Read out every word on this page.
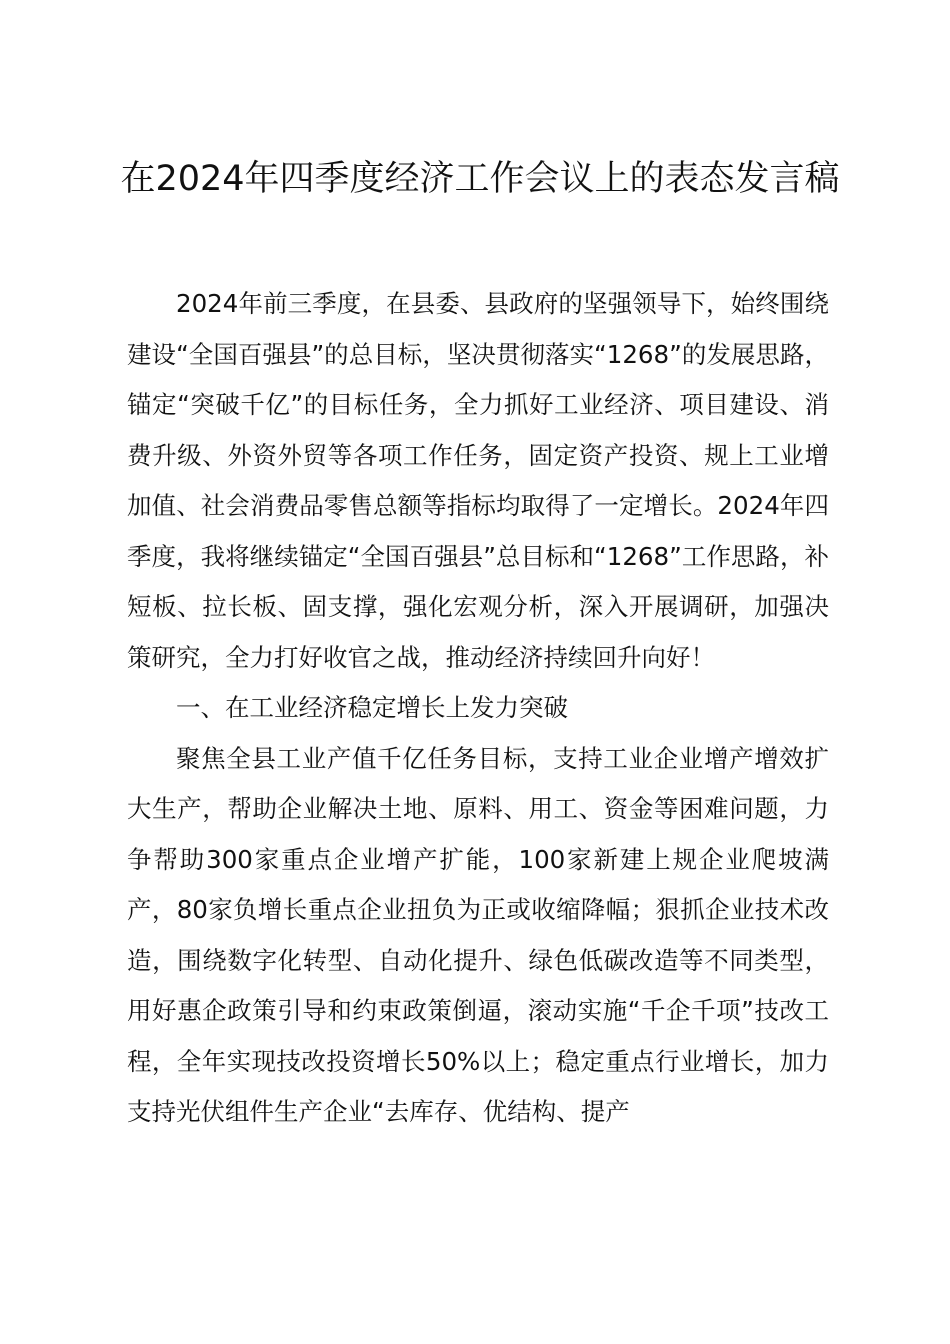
在2024年四季度经济工作会议上的表态发言稿

2024年前三季度，在县委、县政府的坚强领导下，始终围绕建设“全国百强县”的总目标，坚决贯彻落实“1268”的发展思路，锚定“突破千亿”的目标任务，全力抓好工业经济、项目建设、消费升级、外资外贸等各项工作任务，固定资产投资、规上工业增加值、社会消费品零售总额等指标均取得了一定增长。2024年四季度，我将继续锚定“全国百强县”总目标和“1268”工作思路，补短板、拉长板、固支撑，强化宏观分析，深入开展调研，加强决策研究，全力打好收官之战，推动经济持续回升向好！

一、在工业经济稳定增长上发力突破

聚焦全县工业产值千亿任务目标，支持工业企业增产增效扩大生产，帮助企业解决土地、原料、用工、资金等困难问题，力争帮助300家重点企业增产扩能，100家新建上规企业爬坡满产，80家负增长重点企业扭负为正或收缩降幅；狠抓企业技术改造，围绕数字化转型、自动化提升、绿色低碳改造等不同类型，用好惠企政策引导和约束政策倒逼，滚动实施“千企千项”技改工程，全年实现技改投资增长50%以上；稳定重点行业增长，加力支持光伏组件生产企业“去库存、优结构、提产
